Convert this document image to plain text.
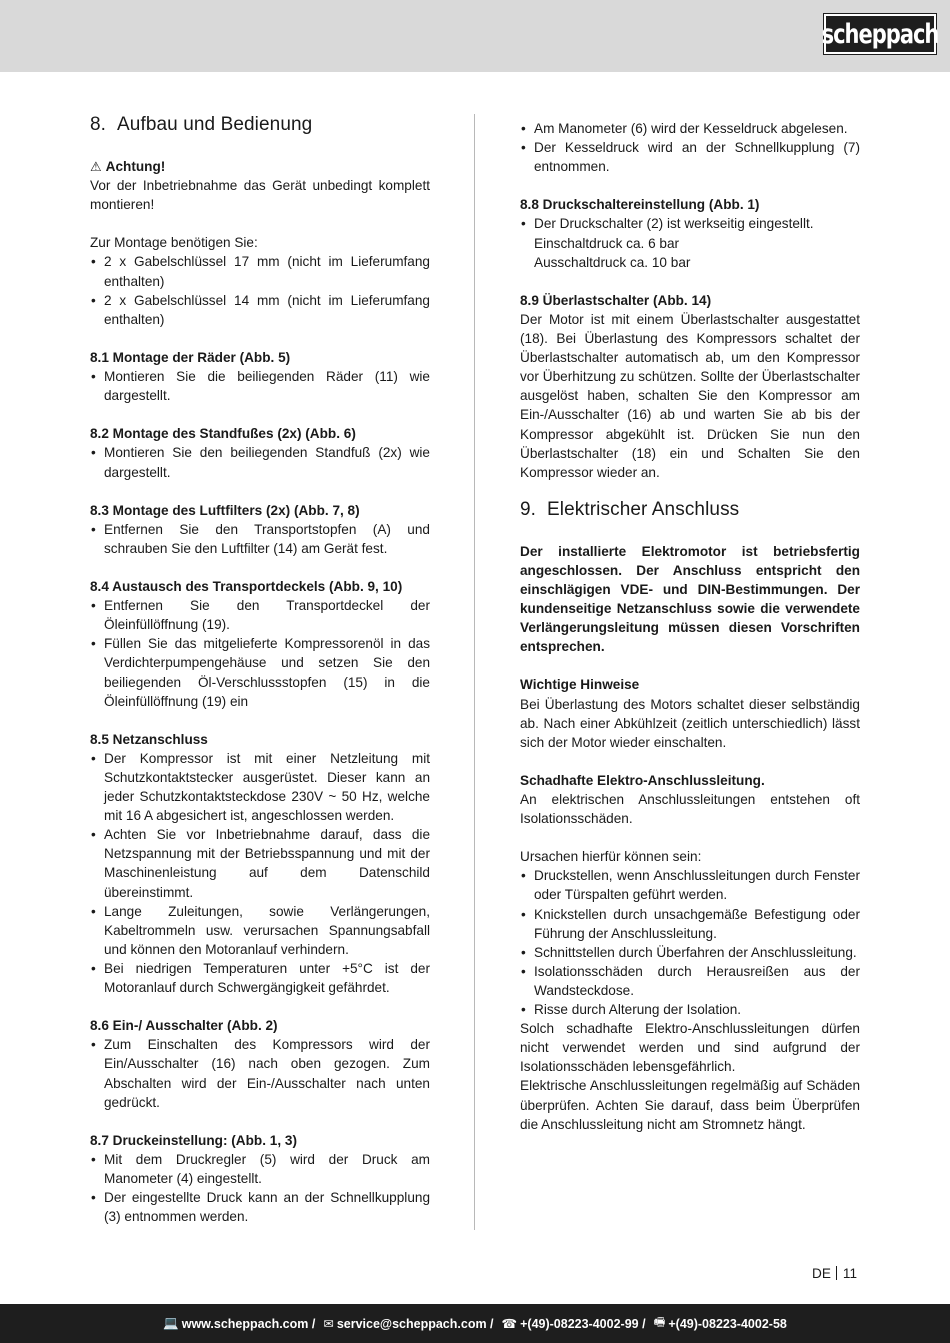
scheppach
8. Aufbau und Bedienung

⚠ Achtung!

Vor der Inbetriebnahme das Gerät unbedingt komplett montieren!

Zur Montage benötigen Sie:

• 2 x Gabelschlüssel 17 mm (nicht im Lieferumfang enthalten)
• 2 x Gabelschlüssel 14 mm (nicht im Lieferumfang enthalten)
8.1 Montage der Räder (Abb. 5)
• Montieren Sie die beiliegenden Räder (11) wie dargestellt.
8.2 Montage des Standfußes (2x) (Abb. 6)
• Montieren Sie den beiliegenden Standfuß (2x) wie dargestellt.
8.3 Montage des Luftfilters (2x) (Abb. 7, 8)
• Entfernen Sie den Transportstopfen (A) und schrauben Sie den Luftfilter (14) am Gerät fest.
8.4 Austausch des Transportdeckels (Abb. 9, 10)
• Entfernen Sie den Transportdeckel der Öleinfüllöffnung (19).
• Füllen Sie das mitgelieferte Kompressorenöl in das Verdichterpumpengehäuse und setzen Sie den beiliegenden Öl-Verschlussstopfen (15) in die Öleinfüllöffnung (19) ein
8.5 Netzanschluss
• Der Kompressor ist mit einer Netzleitung mit Schutzkontaktstecker ausgerüstet. Dieser kann an jeder Schutzkontaktsteckdose 230V ~ 50 Hz, welche mit 16 A abgesichert ist, angeschlossen werden.
• Achten Sie vor Inbetriebnahme darauf, dass die Netzspannung mit der Betriebsspannung und mit der Maschinenleistung auf dem Datenschild übereinstimmt.
• Lange Zuleitungen, sowie Verlängerungen, Kabeltrommeln usw. verursachen Spannungsabfall und können den Motoranlauf verhindern.
• Bei niedrigen Temperaturen unter +5°C ist der Motoranlauf durch Schwergängigkeit gefährdet.
8.6 Ein-/ Ausschalter (Abb. 2)
• Zum Einschalten des Kompressors wird der Ein/Ausschalter (16) nach oben gezogen. Zum Abschalten wird der Ein-/Ausschalter nach unten gedrückt.
8.7 Druckeinstellung: (Abb. 1, 3)
• Mit dem Druckregler (5) wird der Druck am Manometer (4) eingestellt.
• Der eingestellte Druck kann an der Schnellkupplung (3) entnommen werden.
• Am Manometer (6) wird der Kesseldruck abgelesen.
• Der Kesseldruck wird an der Schnellkupplung (7) entnommen.
8.8 Druckschaltereinstellung (Abb. 1)
• Der Druckschalter (2) ist werkseitig eingestellt.

Einschaltdruck ca. 6 bar

Ausschaltdruck ca. 10 bar

8.9 Überlastschalter (Abb. 14)

Der Motor ist mit einem Überlastschalter ausgestattet (18). Bei Überlastung des Kompressors schaltet der Überlastschalter automatisch ab, um den Kompressor vor Überhitzung zu schützen. Sollte der Überlastschalter ausgelöst haben, schalten Sie den Kompressor am Ein-/Ausschalter (16) ab und warten Sie ab bis der Kompressor abgekühlt ist. Drücken Sie nun den Überlastschalter (18) ein und Schalten Sie den Kompressor wieder an.

9. Elektrischer Anschluss

Der installierte Elektromotor ist betriebsfertig angeschlossen. Der Anschluss entspricht den einschlägigen VDE- und DIN-Bestimmungen. Der kundenseitige Netzanschluss sowie die verwendete Verlängerungsleitung müssen diesen Vorschriften entsprechen.

Wichtige Hinweise

Bei Überlastung des Motors schaltet dieser selbständig ab. Nach einer Abkühlzeit (zeitlich unterschiedlich) lässt sich der Motor wieder einschalten.

Schadhafte Elektro-Anschlussleitung.

An elektrischen Anschlussleitungen entstehen oft Isolationsschäden.

Ursachen hierfür können sein:

• Druckstellen, wenn Anschlussleitungen durch Fenster oder Türspalten geführt werden.
• Knickstellen durch unsachgemäße Befestigung oder Führung der Anschlussleitung.
• Schnittstellen durch Überfahren der Anschlussleitung.
• Isolationsschäden durch Herausreißen aus der Wandsteckdose.
• Risse durch Alterung der Isolation.

Solch schadhafte Elektro-Anschlussleitungen dürfen nicht verwendet werden und sind aufgrund der Isolationsschäden lebensgefährlich.

Elektrische Anschlussleitungen regelmäßig auf Schäden überprüfen. Achten Sie darauf, dass beim Überprüfen die Anschlussleitung nicht am Stromnetz hängt.

DE 11
💻 www.scheppach.com / ✉ service@scheppach.com / ☎ +(49)-08223-4002-99 / 🖷 +(49)-08223-4002-58
